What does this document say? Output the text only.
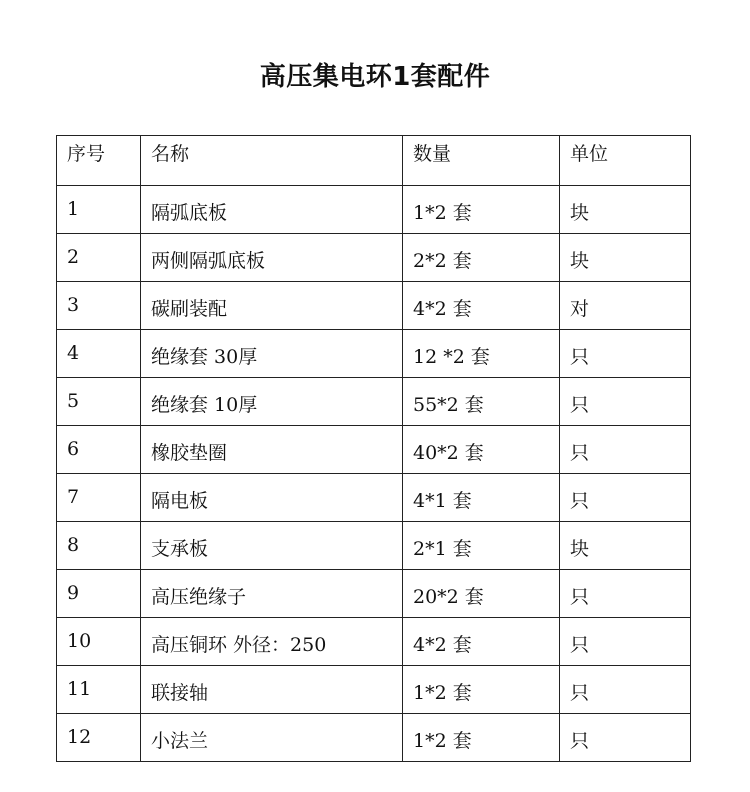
高压集电环1套配件
序号	名称	数量	单位
1	隔弧底板	1*2 套	块
2	两侧隔弧底板	2*2 套	块
3	碳刷装配	4*2 套	对
4	绝缘套 30厚	12 *2 套	只
5	绝缘套 10厚	55*2 套	只
6	橡胶垫圈	40*2 套	只
7	隔电板	4*1 套	只
8	支承板	2*1 套	块
9	高压绝缘子	20*2 套	只
10	高压铜环 外径：250	4*2 套	只
11	联接轴	1*2 套	只
12	小法兰	1*2 套	只
